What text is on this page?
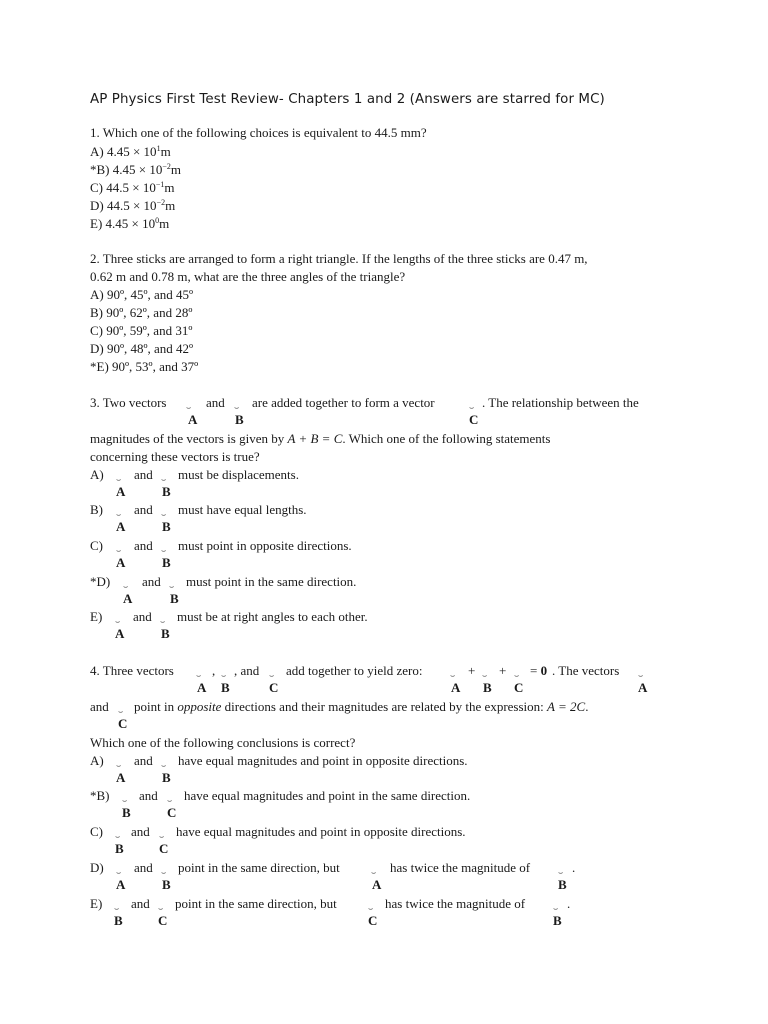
AP Physics First Test Review- Chapters 1 and 2 (Answers are starred for MC)
1. Which one of the following choices is equivalent to 44.5 mm?
A) $4.45 \times 10^1m$
*B) $4.45 \times 10^{-2}m$
C) $44.5 \times 10^{-1}m$
D) $44.5 \times 10^{-2}m$
E) $4.45 \times 10^0m$
2. Three sticks are arranged to form a right triangle. If the lengths of the three sticks are 0.47 m,
0.62 m and 0.78 m, what are the three angles of the triangle?
A) 90º, 45º, and 45º
B) 90º, 62º, and 28º
C) 90º, 59º, and 31º
D) 90º, 48º, and 42º
*E) 90º, 53º, and 37º
3. Two vectors ⌣
A
and ⌣
B
are added together to form a vector	⌣
C
. The relationship between the
magnitudes of the vectors is given by A + B = C. Which one of the following statements
concerning these vectors is true?
A) ⌣
A
and ⌣
B
must be displacements.
B) ⌣
A
and ⌣
B
must have equal lengths.
C) ⌣
A
and ⌣
B
must point in opposite directions.
*D) ⌣
A
and ⌣
B
must point in the same direction.
E) ⌣
A
and ⌣
B
must be at right angles to each other.
4. Three vectors	⌣
A
, ⌣
B
, and ⌣
C
add together to yield zero:	⌣
A
+ ⌣
B
+ ⌣
C
= 0 . The vectors ⌣
A
and ⌣
C
point in opposite directions and their magnitudes are related by the expression: A = 2C.
Which one of the following conclusions is correct?
A) ⌣
A
and ⌣
B
have equal magnitudes and point in opposite directions.
*B) ⌣
B
and ⌣
C
have equal magnitudes and point in the same direction.
C) ⌣
B
and ⌣
C
have equal magnitudes and point in opposite directions.
D) ⌣
A
and ⌣
B
point in the same direction, but	⌣
A
has twice the magnitude of	⌣
B
.
E) ⌣
B
and ⌣
C
point in the same direction, but	⌣
C
has twice the magnitude of	⌣
B
.
